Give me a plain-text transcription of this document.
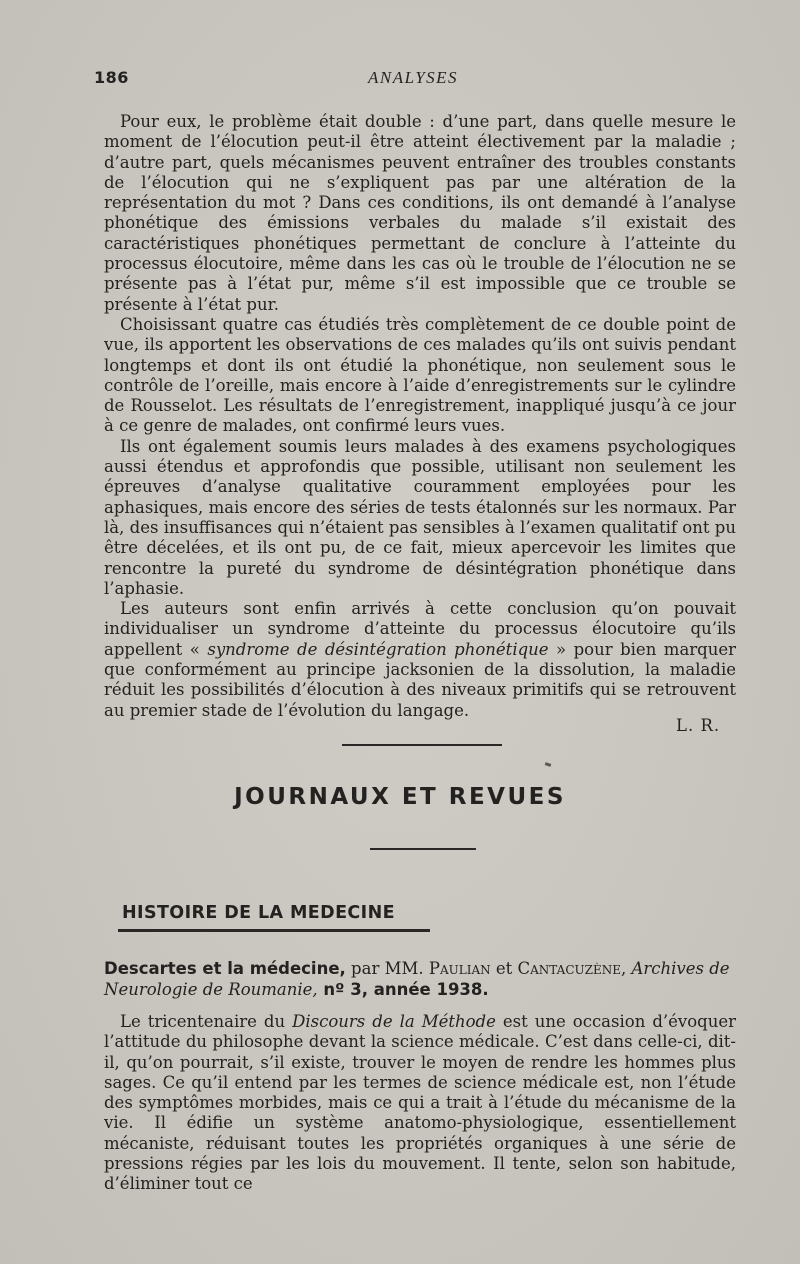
186	ANALYSES

Pour eux, le problème était double : d’une part, dans quelle mesure le moment de l’élocution peut-il être atteint électivement par la maladie ; d’autre part, quels mécanismes peuvent entraîner des troubles constants de l’élocution qui ne s’expliquent pas par une altération de la représentation du mot ? Dans ces conditions, ils ont demandé à l’analyse phonétique des émissions verbales du malade s’il existait des caractéristiques phonétiques permettant de conclure à l’atteinte du processus élocutoire, même dans les cas où le trouble de l’élocution ne se présente pas à l’état pur, même s’il est impossible que ce trouble se présente à l’état pur.

Choisissant quatre cas étudiés très complètement de ce double point de vue, ils apportent les observations de ces malades qu’ils ont suivis pendant longtemps et dont ils ont étudié la phonétique, non seulement sous le contrôle de l’oreille, mais encore à l’aide d’enregistrements sur le cylindre de Rousselot. Les résultats de l’enregistrement, inappliqué jusqu’à ce jour à ce genre de malades, ont confirmé leurs vues.

Ils ont également soumis leurs malades à des examens psychologiques aussi étendus et approfondis que possible, utilisant non seulement les épreuves d’analyse qualitative couramment employées pour les aphasiques, mais encore des séries de tests étalonnés sur les normaux. Par là, des insuffisances qui n’étaient pas sensibles à l’examen qualitatif ont pu être décelées, et ils ont pu, de ce fait, mieux apercevoir les limites que rencontre la pureté du syndrome de désintégration phonétique dans l’aphasie.

Les auteurs sont enfin arrivés à cette conclusion qu’on pouvait individualiser un syndrome d’atteinte du processus élocutoire qu’ils appellent « syndrome de désintégration phonétique » pour bien marquer que conformément au principe jacksonien de la dissolution, la maladie réduit les possibilités d’élocution à des niveaux primitifs qui se retrouvent au premier stade de l’évolution du langage.

L. R.
JOURNAUX ET REVUES
HISTOIRE DE LA MEDECINE
Descartes et la médecine, par MM. Paulian et Cantacuzène, Archives de Neurologie de Roumanie, nº 3, année 1938.

Le tricentenaire du Discours de la Méthode est une occasion d’évoquer l’attitude du philosophe devant la science médicale. C’est dans celle-ci, dit-il, qu’on pourrait, s’il existe, trouver le moyen de rendre les hommes plus sages. Ce qu’il entend par les termes de science médicale est, non l’étude des symptômes morbides, mais ce qui a trait à l’étude du mécanisme de la vie. Il édifie un système anatomo-physiologique, essentiellement mécaniste, réduisant toutes les propriétés organiques à une série de pressions régies par les lois du mouvement. Il tente, selon son habitude, d’éliminer tout ce
